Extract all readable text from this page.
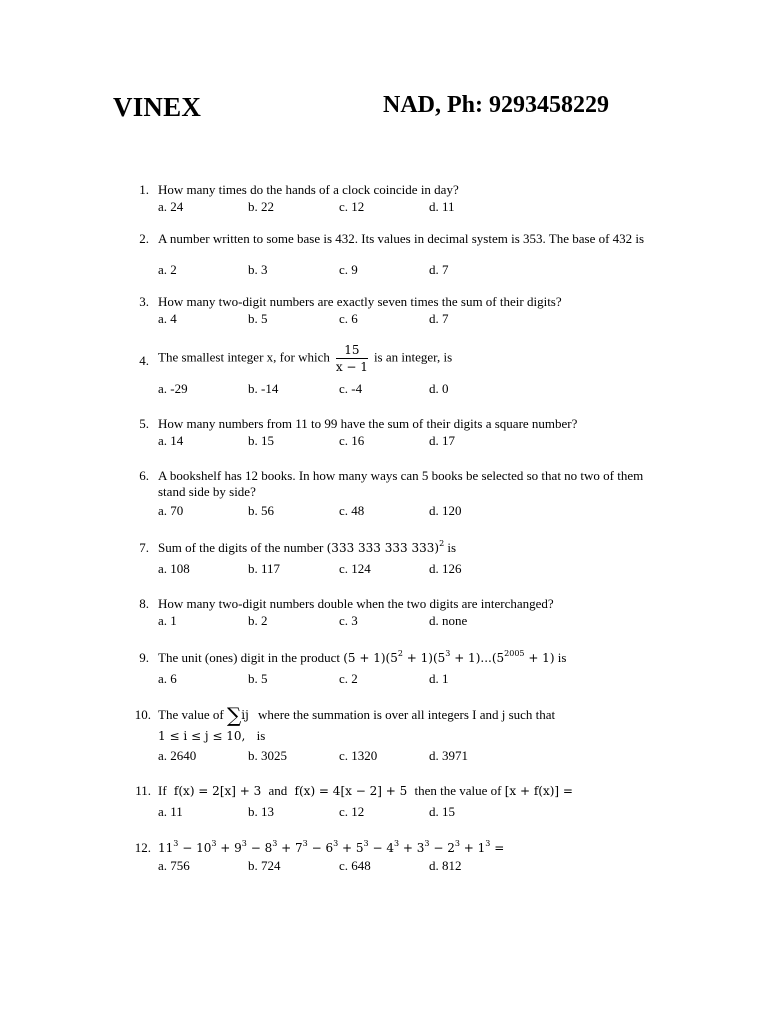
VINEX	NAD, Ph: 9293458229
1. How many times do the hands of a clock coincide in day?
a. 24	b. 22	c. 12	d. 11
2. A number written to some base is 432. Its values in decimal system is 353. The base of 432 is
a. 2	b. 3	c. 9	d. 7
3. How many two-digit numbers are exactly seven times the sum of their digits?
a. 4	b. 5	c. 6	d. 7
4. The smallest integer x, for which $\frac{15}{x - 1}$ is an integer, is
a. -29	b. -14	c. -4	d. 0
5. How many numbers from 11 to 99 have the sum of their digits a square number?
a. 14	b. 15	c. 16	d. 17
6. A bookshelf has 12 books. In how many ways can 5 books be selected so that no two of them stand side by side?
a. 70	b. 56	c. 48	d. 120
7. Sum of the digits of the number (333 333 333 333)$^2$ is
a. 108	b. 117	c. 124	d. 126
8. How many two-digit numbers double when the two digits are interchanged?
a. 1	b. 2	c. 3	d. none
9. The unit (ones) digit in the product $(5 + 1)(5^2 + 1)(5^3 + 1)...(5^{2005} + 1)$ is
a. 6	b. 5	c. 2	d. 1
10. The value of ∑ij where the summation is over all integers I and j such that
1 ≤ i ≤ j ≤ 10, is
a. 2640	b. 3025	c. 1320	d. 3971
11. If f(x) = 2[x] + 3 and f(x) = 4[x − 2] + 5 then the value of [x + f(x)] =
a. 11	b. 13	c. 12	d. 15
12. $11^3 - 10^3 + 9^3 - 8^3 + 7^3 - 6^3 + 5^3 - 4^3 + 3^3 - 2^3 + 1^3$ =
a. 756	b. 724	c. 648	d. 812
